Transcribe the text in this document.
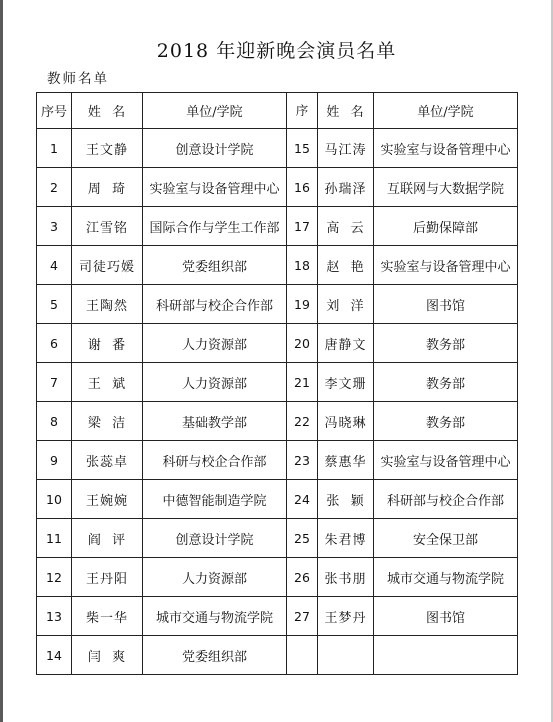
2018 年迎新晚会演员名单
教师名单
序号	姓  名	单位/学院	序	姓  名	单位/学院
1	王文静	创意设计学院	15	马江涛	实验室与设备管理中心
2	周  琦	实验室与设备管理中心	16	孙瑞泽	互联网与大数据学院
3	江雪铭	国际合作与学生工作部	17	高  云	后勤保障部
4	司徒巧媛	党委组织部	18	赵  艳	实验室与设备管理中心
5	王陶然	科研部与校企合作部	19	刘  洋	图书馆
6	谢  番	人力资源部	20	唐静文	教务部
7	王  斌	人力资源部	21	李文珊	教务部
8	梁  洁	基础教学部	22	冯晓琳	教务部
9	张蕊卓	科研与校企合作部	23	蔡惠华	实验室与设备管理中心
10	王婉婉	中德智能制造学院	24	张  颖	科研部与校企合作部
11	阎  评	创意设计学院	25	朱君博	安全保卫部
12	王丹阳	人力资源部	26	张书朋	城市交通与物流学院
13	柴一华	城市交通与物流学院	27	王梦丹	图书馆
14	闫  爽	党委组织部			
